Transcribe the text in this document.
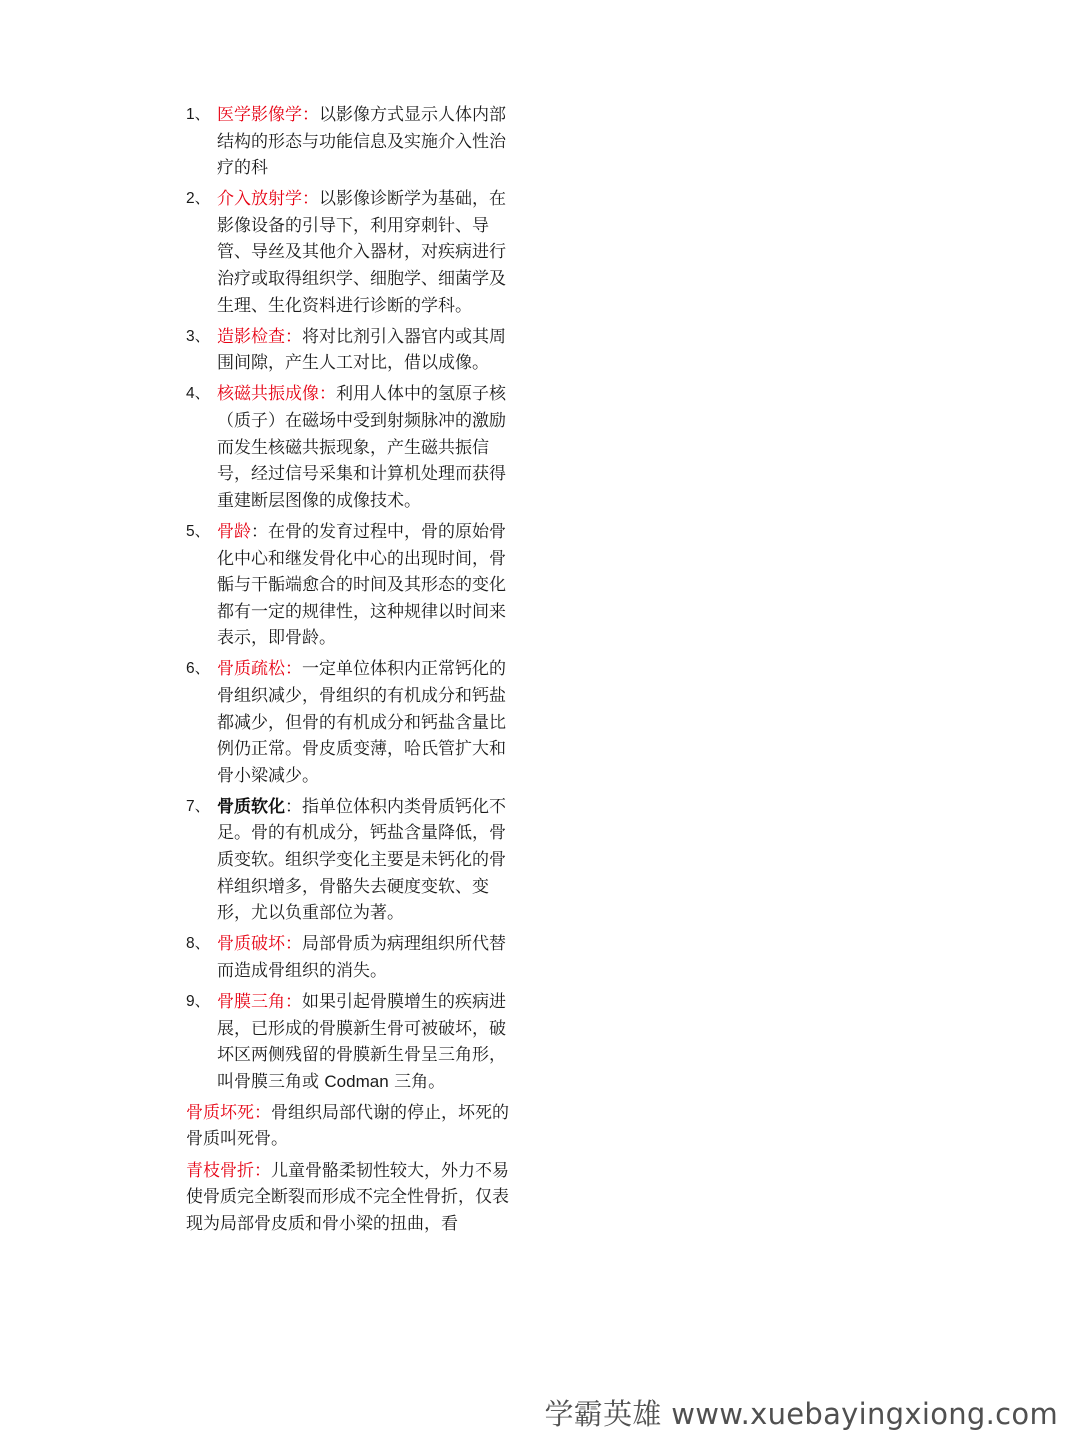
1、 医学影像学：以影像方式显示人体内部结构的形态与功能信息及实施介入性治疗的科
2、 介入放射学：以影像诊断学为基础，在影像设备的引导下，利用穿刺针、导管、导丝及其他介入器材，对疾病进行治疗或取得组织学、细胞学、细菌学及生理、生化资料进行诊断的学科。
3、 造影检查：将对比剂引入器官内或其周围间隙，产生人工对比，借以成像。
4、 核磁共振成像：利用人体中的氢原子核（质子）在磁场中受到射频脉冲的激励而发生核磁共振现象，产生磁共振信号，经过信号采集和计算机处理而获得重建断层图像的成像技术。
5、 骨龄：在骨的发育过程中，骨的原始骨化中心和继发骨化中心的出现时间，骨骺与干骺端愈合的时间及其形态的变化都有一定的规律性，这种规律以时间来表示，即骨龄。
6、 骨质疏松：一定单位体积内正常钙化的骨组织减少，骨组织的有机成分和钙盐都减少，但骨的有机成分和钙盐含量比例仍正常。骨皮质变薄，哈氏管扩大和骨小梁减少。
7、 骨质软化：指单位体积内类骨质钙化不足。骨的有机成分，钙盐含量降低，骨质变软。组织学变化主要是未钙化的骨样组织增多，骨骼失去硬度变软、变形，尤以负重部位为著。
8、 骨质破坏：局部骨质为病理组织所代替而造成骨组织的消失。
9、 骨膜三角：如果引起骨膜增生的疾病进展，已形成的骨膜新生骨可被破坏，破坏区两侧残留的骨膜新生骨呈三角形，叫骨膜三角或 Codman 三角。
骨质坏死：骨组织局部代谢的停止，坏死的骨质叫死骨。
青枝骨折：儿童骨骼柔韧性较大，外力不易使骨质完全断裂而形成不完全性骨折，仅表现为局部骨皮质和骨小梁的扭曲，看
学霸英雄 www.xuebayingxiong.com
